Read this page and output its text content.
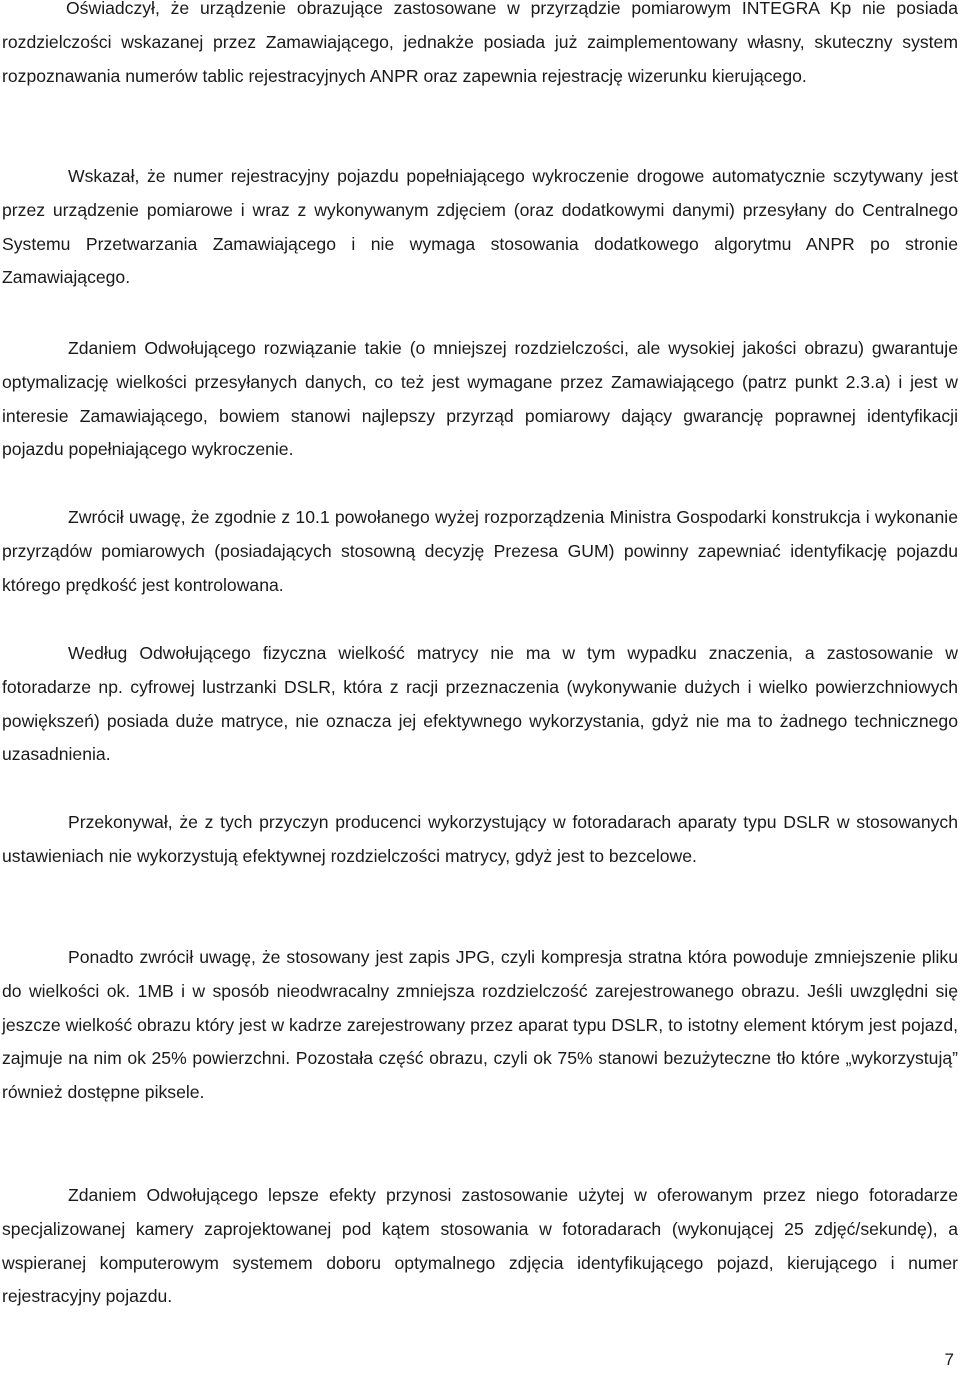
Oświadczył, że urządzenie obrazujące zastosowane w przyrządzie pomiarowym INTEGRA Kp nie posiada rozdzielczości wskazanej przez Zamawiającego, jednakże posiada już zaimplementowany własny, skuteczny system rozpoznawania numerów tablic rejestracyjnych ANPR oraz zapewnia rejestrację wizerunku kierującego.

Wskazał, że numer rejestracyjny pojazdu popełniającego wykroczenie drogowe automatycznie sczytywany jest przez urządzenie pomiarowe i wraz z wykonywanym zdjęciem (oraz dodatkowymi danymi) przesyłany do Centralnego Systemu Przetwarzania Zamawiającego i nie wymaga stosowania dodatkowego algorytmu ANPR po stronie Zamawiającego.

Zdaniem Odwołującego rozwiązanie takie (o mniejszej rozdzielczości, ale wysokiej jakości obrazu) gwarantuje optymalizację wielkości przesyłanych danych, co też jest wymagane przez Zamawiającego (patrz punkt 2.3.a) i jest w interesie Zamawiającego, bowiem stanowi najlepszy przyrząd pomiarowy dający gwarancję poprawnej identyfikacji pojazdu popełniającego wykroczenie.

Zwrócił uwagę, że zgodnie z 10.1 powołanego wyżej rozporządzenia Ministra Gospodarki konstrukcja i wykonanie przyrządów pomiarowych (posiadających stosowną decyzję Prezesa GUM) powinny zapewniać identyfikację pojazdu którego prędkość jest kontrolowana.

Według Odwołującego fizyczna wielkość matrycy nie ma w tym wypadku znaczenia, a zastosowanie w fotoradarze np. cyfrowej lustrzanki DSLR, która z racji przeznaczenia (wykonywanie dużych i wielko powierzchniowych powiększeń) posiada duże matryce, nie oznacza jej efektywnego wykorzystania, gdyż nie ma to żadnego technicznego uzasadnienia.

Przekonywał, że z tych przyczyn producenci wykorzystujący w fotoradarach aparaty typu DSLR w stosowanych ustawieniach nie wykorzystują efektywnej rozdzielczości matrycy, gdyż jest to bezcelowe.

Ponadto zwrócił uwagę, że stosowany jest zapis JPG, czyli kompresja stratna która powoduje zmniejszenie pliku do wielkości ok. 1MB i w sposób nieodwracalny zmniejsza rozdzielczość zarejestrowanego obrazu. Jeśli uwzględni się jeszcze wielkość obrazu który jest w kadrze zarejestrowany przez aparat typu DSLR, to istotny element którym jest pojazd, zajmuje na nim ok 25% powierzchni. Pozostała część obrazu, czyli ok 75% stanowi bezużyteczne tło które „wykorzystują” również dostępne piksele.

Zdaniem Odwołującego lepsze efekty przynosi zastosowanie użytej w oferowanym przez niego fotoradarze specjalizowanej kamery zaprojektowanej pod kątem stosowania w fotoradarach (wykonującej 25 zdjęć/sekundę), a wspieranej komputerowym systemem doboru optymalnego zdjęcia identyfikującego pojazd, kierującego i numer rejestracyjny pojazdu.

7
